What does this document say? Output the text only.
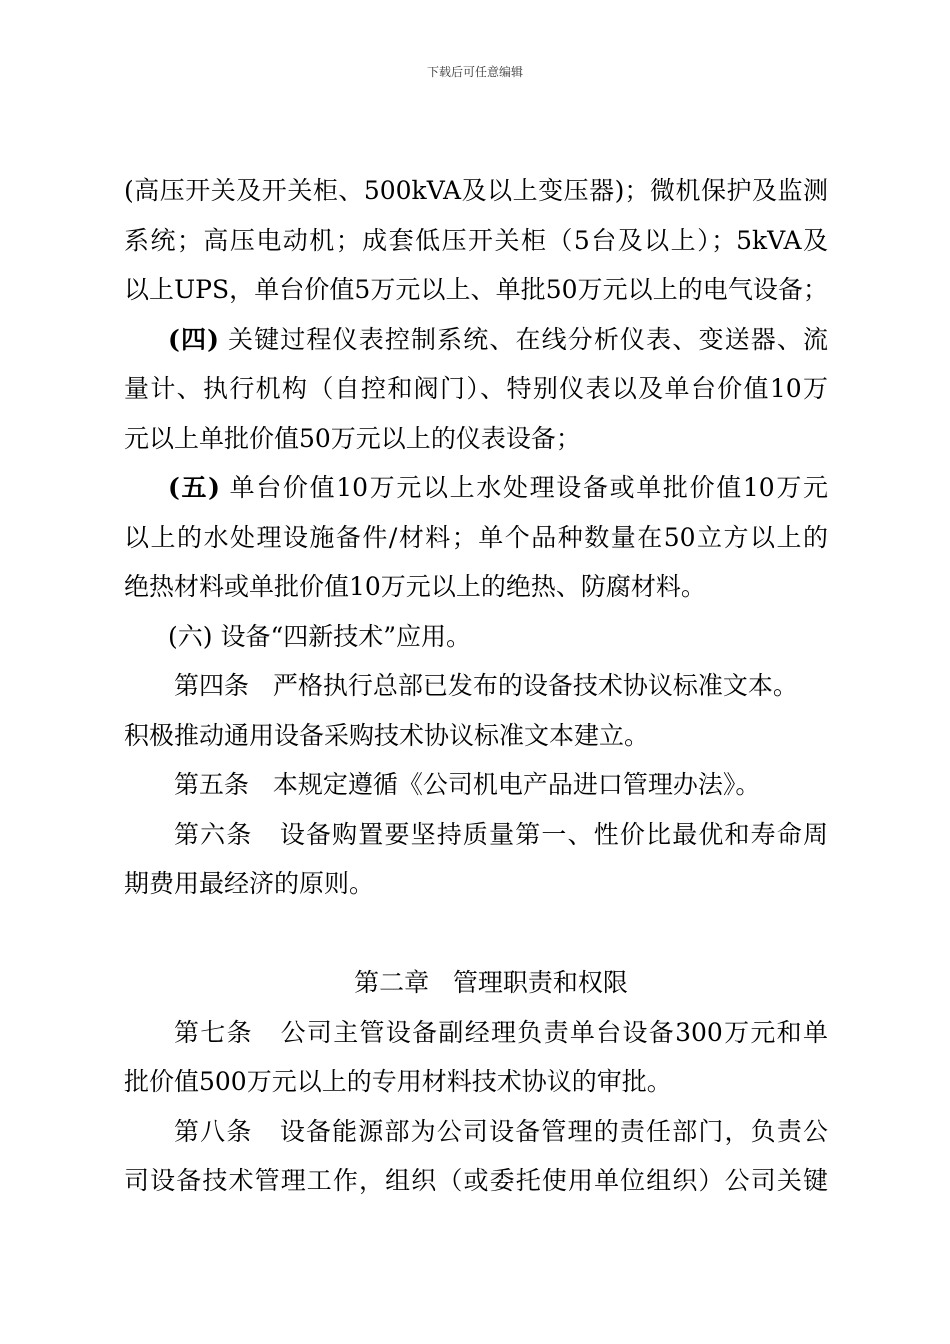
下载后可任意编辑
(高压开关及开关柜、500kVA及以上变压器)；微机保护及监测
系统；高压电动机；成套低压开关柜（5台及以上）；5kVA及
以上UPS，单台价值5万元以上、单批50万元以上的电气设备；
(四) 关键过程仪表控制系统、在线分析仪表、变送器、流
量计、执行机构（自控和阀门）、特别仪表以及单台价值10万
元以上单批价值50万元以上的仪表设备；
(五) 单台价值10万元以上水处理设备或单批价值10万元
以上的水处理设施备件/材料；单个品种数量在50立方以上的
绝热材料或单批价值10万元以上的绝热、防腐材料。
(六) 设备“四新技术”应用。
第四条 严格执行总部已发布的设备技术协议标准文本。
积极推动通用设备采购技术协议标准文本建立。
第五条 本规定遵循《公司机电产品进口管理办法》。
第六条 设备购置要坚持质量第一、性价比最优和寿命周
期费用最经济的原则。
第二章 管理职责和权限
第七条 公司主管设备副经理负责单台设备300万元和单
批价值500万元以上的专用材料技术协议的审批。
第八条 设备能源部为公司设备管理的责任部门，负责公
司设备技术管理工作，组织（或委托使用单位组织）公司关键
